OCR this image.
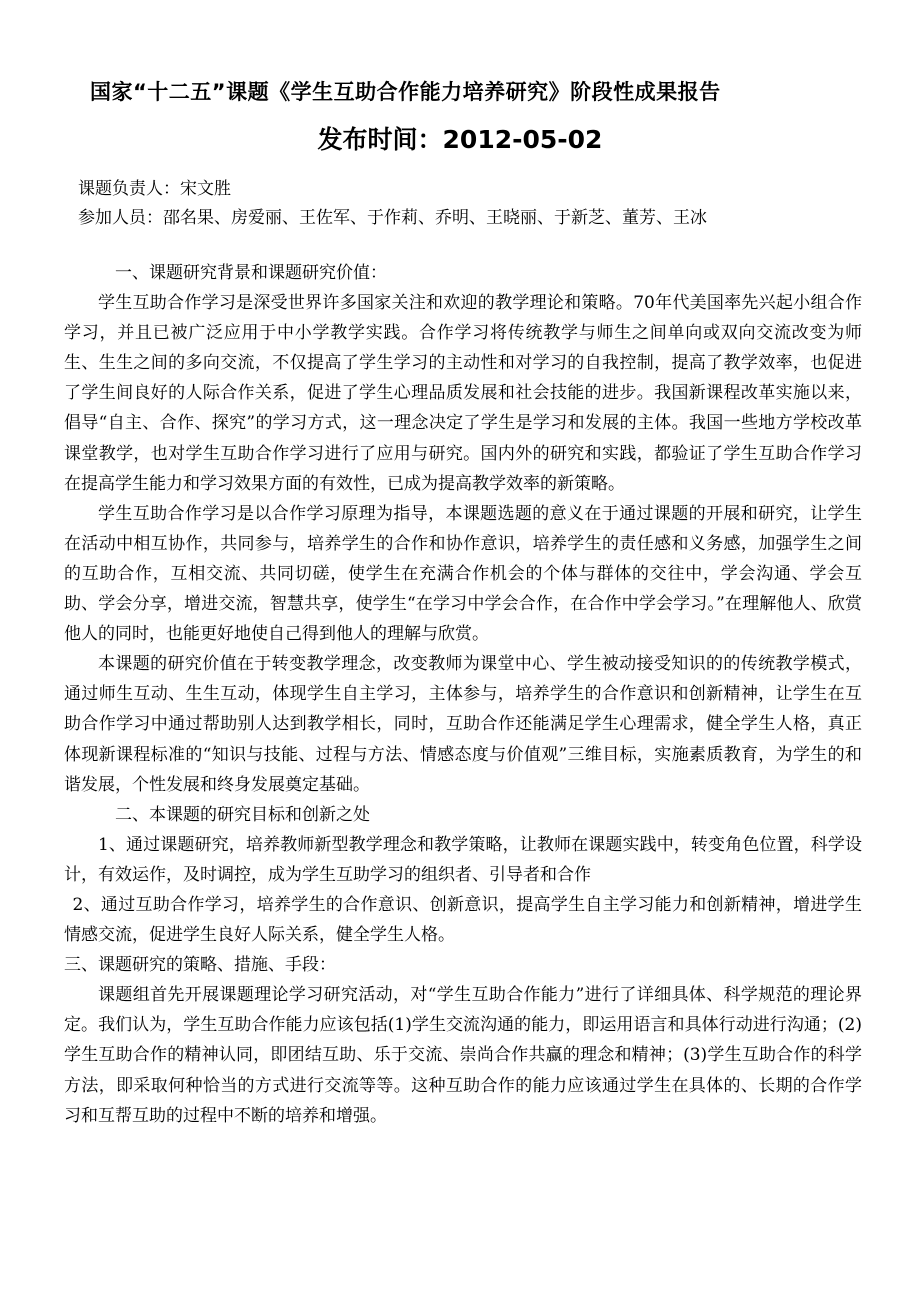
国家“十二五”课题《学生互助合作能力培养研究》阶段性成果报告
发布时间：2012-05-02
课题负责人：宋文胜
参加人员：邵名果、房爱丽、王佐军、于作莉、乔明、王晓丽、于新芝、董芳、王冰

一、课题研究背景和课题研究价值：

学生互助合作学习是深受世界许多国家关注和欢迎的教学理论和策略。70年代美国率先兴起小组合作学习，并且已被广泛应用于中小学教学实践。合作学习将传统教学与师生之间单向或双向交流改变为师生、生生之间的多向交流，不仅提高了学生学习的主动性和对学习的自我控制，提高了教学效率，也促进了学生间良好的人际合作关系，促进了学生心理品质发展和社会技能的进步。我国新课程改革实施以来，倡导“自主、合作、探究”的学习方式，这一理念决定了学生是学习和发展的主体。我国一些地方学校改革课堂教学，也对学生互助合作学习进行了应用与研究。国内外的研究和实践，都验证了学生互助合作学习在提高学生能力和学习效果方面的有效性，已成为提高教学效率的新策略。

学生互助合作学习是以合作学习原理为指导，本课题选题的意义在于通过课题的开展和研究，让学生在活动中相互协作，共同参与，培养学生的合作和协作意识，培养学生的责任感和义务感，加强学生之间的互助合作，互相交流、共同切磋，使学生在充满合作机会的个体与群体的交往中，学会沟通、学会互助、学会分享，增进交流，智慧共享，使学生“在学习中学会合作，在合作中学会学习。”在理解他人、欣赏他人的同时，也能更好地使自己得到他人的理解与欣赏。

本课题的研究价值在于转变教学理念，改变教师为课堂中心、学生被动接受知识的的传统教学模式，通过师生互动、生生互动，体现学生自主学习，主体参与，培养学生的合作意识和创新精神，让学生在互助合作学习中通过帮助别人达到教学相长，同时，互助合作还能满足学生心理需求，健全学生人格，真正体现新课程标准的“知识与技能、过程与方法、情感态度与价值观”三维目标，实施素质教育，为学生的和谐发展，个性发展和终身发展奠定基础。

二、本课题的研究目标和创新之处

1、通过课题研究，培养教师新型教学理念和教学策略，让教师在课题实践中，转变角色位置，科学设计，有效运作，及时调控，成为学生互助学习的组织者、引导者和合作

2、通过互助合作学习，培养学生的合作意识、创新意识，提高学生自主学习能力和创新精神，增进学生情感交流，促进学生良好人际关系，健全学生人格。

三、课题研究的策略、措施、手段：

课题组首先开展课题理论学习研究活动，对“学生互助合作能力”进行了详细具体、科学规范的理论界定。我们认为，学生互助合作能力应该包括(1)学生交流沟通的能力，即运用语言和具体行动进行沟通；(2)学生互助合作的精神认同，即团结互助、乐于交流、崇尚合作共赢的理念和精神；(3)学生互助合作的科学方法，即采取何种恰当的方式进行交流等等。这种互助合作的能力应该通过学生在具体的、长期的合作学习和互帮互助的过程中不断的培养和增强。
